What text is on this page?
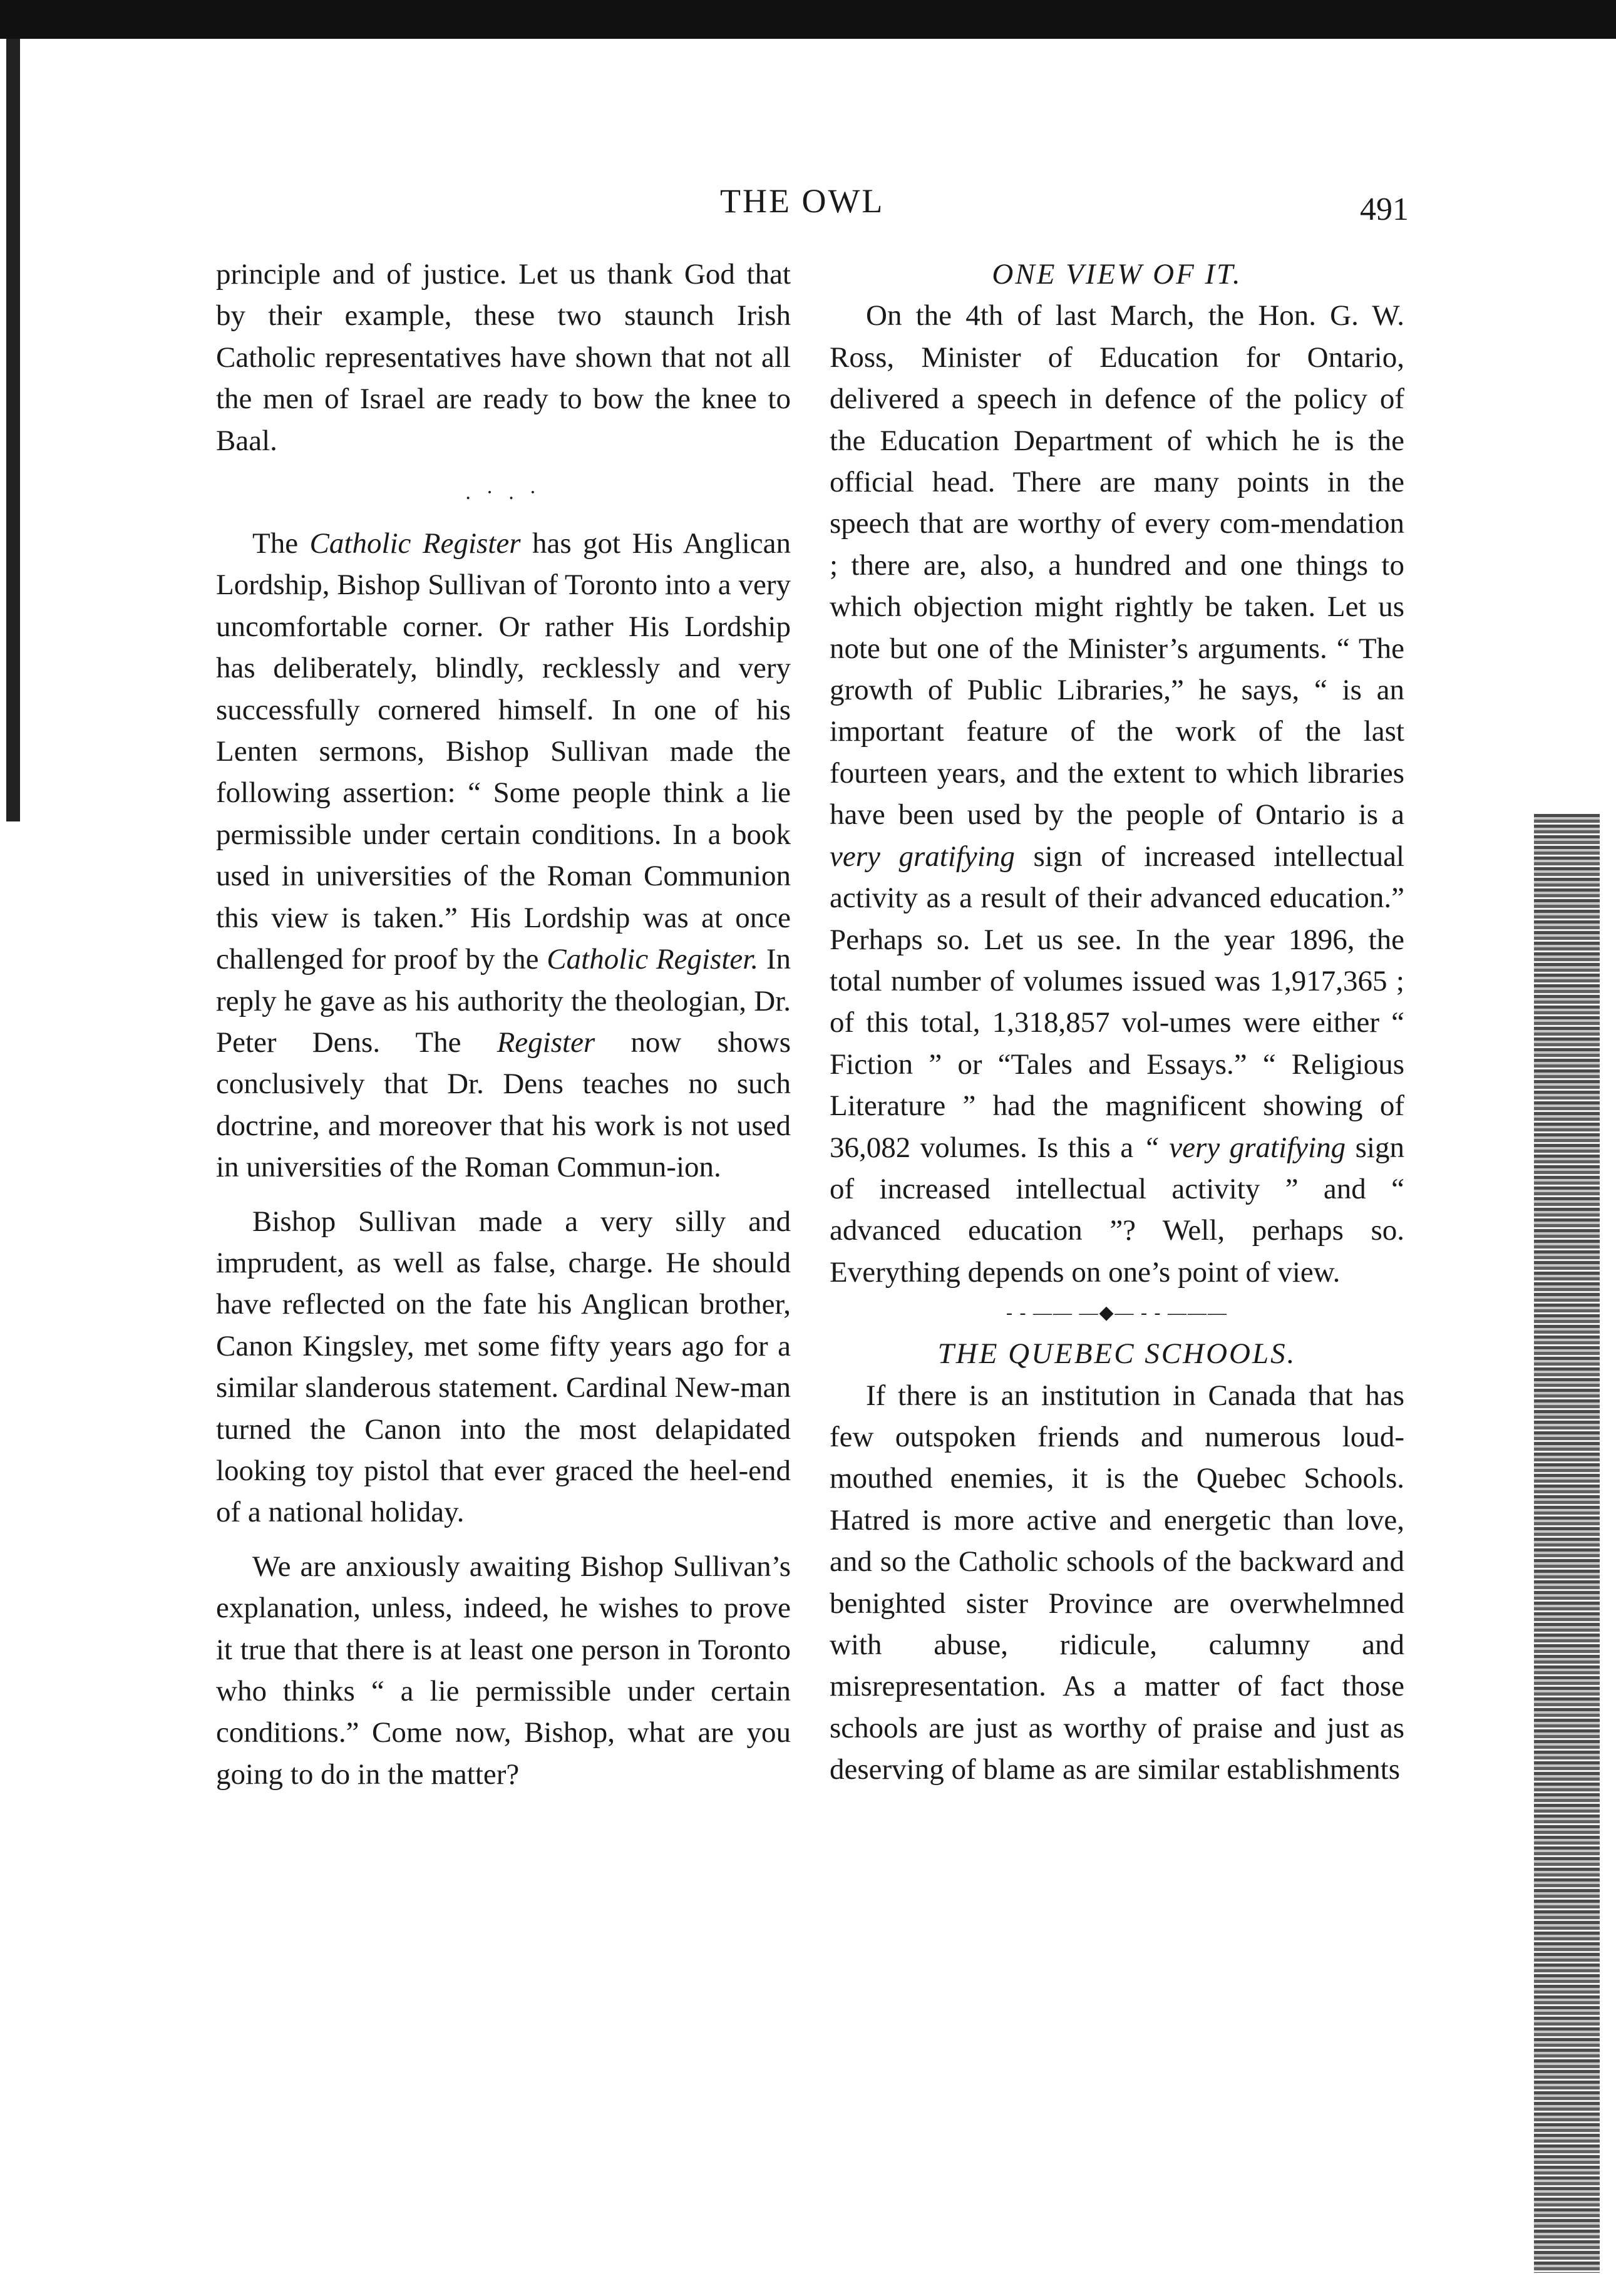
THE OWL	491

principle and of justice. Let us thank God that by their example, these two staunch Irish Catholic representatives have shown that not all the men of Israel are ready to bow the knee to Baal.

. · . ·

The Catholic Register has got His Anglican Lordship, Bishop Sullivan of Toronto into a very uncomfortable corner. Or rather His Lordship has deliberately, blindly, recklessly and very successfully cornered himself. In one of his Lenten sermons, Bishop Sullivan made the following assertion: “ Some people think a lie permissible under certain conditions. In a book used in universities of the Roman Communion this view is taken.” His Lordship was at once challenged for proof by the Catholic Register. In reply he gave as his authority the theologian, Dr. Peter Dens. The Register now shows conclusively that Dr. Dens teaches no such doctrine, and moreover that his work is not used in universities of the Roman Commun-ion.

Bishop Sullivan made a very silly and imprudent, as well as false, charge. He should have reflected on the fate his Anglican brother, Canon Kingsley, met some fifty years ago for a similar slanderous statement. Cardinal New-man turned the Canon into the most delapidated looking toy pistol that ever graced the heel-end of a national holiday.

We are anxiously awaiting Bishop Sullivan’s explanation, unless, indeed, he wishes to prove it true that there is at least one person in Toronto who thinks “ a lie permissible under certain conditions.” Come now, Bishop, what are you going to do in the matter?

ONE VIEW OF IT.

On the 4th of last March, the Hon. G. W. Ross, Minister of Education for Ontario, delivered a speech in defence of the policy of the Education Department of which he is the official head. There are many points in the speech that are worthy of every com-mendation ; there are, also, a hundred and one things to which objection might rightly be taken. Let us note but one of the Minister’s arguments. “ The growth of Public Libraries,” he says, “ is an important feature of the work of the last fourteen years, and the extent to which libraries have been used by the people of Ontario is a very gratifying sign of increased intellectual activity as a result of their advanced education.” Perhaps so. Let us see. In the year 1896, the total number of volumes issued was 1,917,365 ; of this total, 1,318,857 vol-umes were either “ Fiction ” or “Tales and Essays.” “ Religious Literature ” had the magnificent showing of 36,082 volumes. Is this a “ very gratifying sign of increased intellectual activity ” and “ advanced education ”? Well, perhaps so. Everything depends on one’s point of view.

- - —— —◆— - - ———

THE QUEBEC SCHOOLS.

If there is an institution in Canada that has few outspoken friends and numerous loud-mouthed enemies, it is the Quebec Schools. Hatred is more active and energetic than love, and so the Catholic schools of the backward and benighted sister Province are overwhelmned with abuse, ridicule, calumny and misrepresentation. As a matter of fact those schools are just as worthy of praise and just as deserving of blame as are similar establishments
